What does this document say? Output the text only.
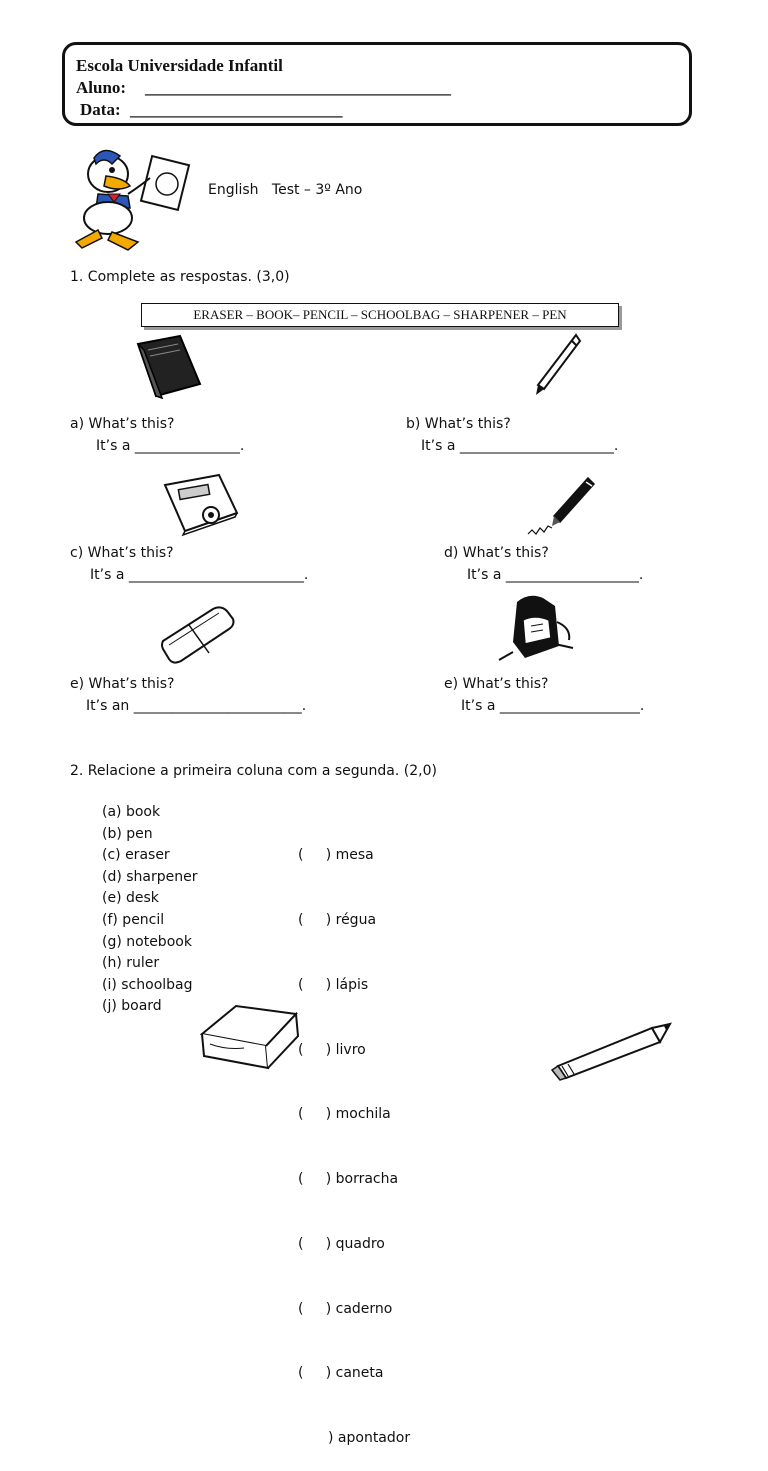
Escola Universidade Infantil
Aluno: ____________________________________
Data: _________________________
English   Test – 3º Ano
1. Complete as respostas. (3,0)
ERASER – BOOK– PENCIL – SCHOOLBAG – SHARPENER – PEN
a) What’s this?
It’s a _______________.
b) What’s this?
It’s a ______________________.
c) What’s this?
It’s a _________________________.
d) What’s this?
It’s a ___________________.
e) What’s this?
It’s an ________________________.
e) What’s this?
It’s a ____________________.
2. Relacione a primeira coluna com a segunda. (2,0)
(a) book
(b) pen
(c) eraser
(d) sharpener
(e) desk
(f) pencil
(g) notebook
(h) ruler
(i) schoolbag
(j) board

(     ) mesa

(     ) régua

(     ) lápis

(     ) livro

(     ) mochila

(     ) borracha

(     ) quadro

(     ) caderno

(     ) caneta

) apontador
